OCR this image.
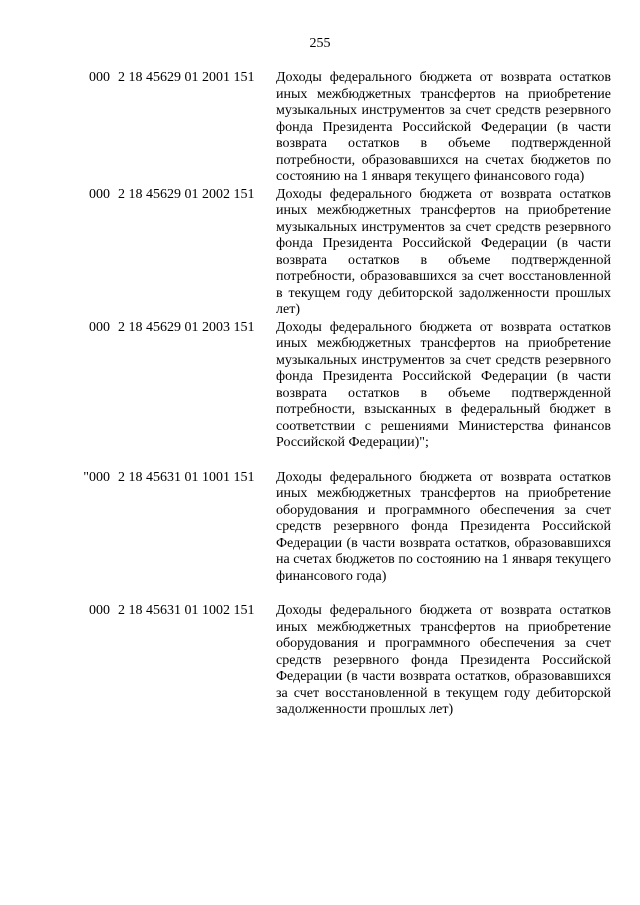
255
000 2 18 45629 01 2001 151 Доходы федерального бюджета от возврата остатков иных межбюджетных трансфертов на приобретение музыкальных инструментов за счет средств резервного фонда Президента Российской Федерации (в части возврата остатков в объеме подтвержденной потребности, образовавшихся на счетах бюджетов по состоянию на 1 января текущего финансового года)
000 2 18 45629 01 2002 151 Доходы федерального бюджета от возврата остатков иных межбюджетных трансфертов на приобретение музыкальных инструментов за счет средств резервного фонда Президента Российской Федерации (в части возврата остатков в объеме подтвержденной потребности, образовавшихся за счет восстановленной в текущем году дебиторской задолженности прошлых лет)
000 2 18 45629 01 2003 151 Доходы федерального бюджета от возврата остатков иных межбюджетных трансфертов на приобретение музыкальных инструментов за счет средств резервного фонда Президента Российской Федерации (в части возврата остатков в объеме подтвержденной потребности, взысканных в федеральный бюджет в соответствии с решениями Министерства финансов Российской Федерации)";
"000 2 18 45631 01 1001 151 Доходы федерального бюджета от возврата остатков иных межбюджетных трансфертов на приобретение оборудования и программного обеспечения за счет средств резервного фонда Президента Российской Федерации (в части возврата остатков, образовавшихся на счетах бюджетов по состоянию на 1 января текущего финансового года)
000 2 18 45631 01 1002 151 Доходы федерального бюджета от возврата остатков иных межбюджетных трансфертов на приобретение оборудования и программного обеспечения за счет средств резервного фонда Президента Российской Федерации (в части возврата остатков, образовавшихся за счет восстановленной в текущем году дебиторской задолженности прошлых лет)
